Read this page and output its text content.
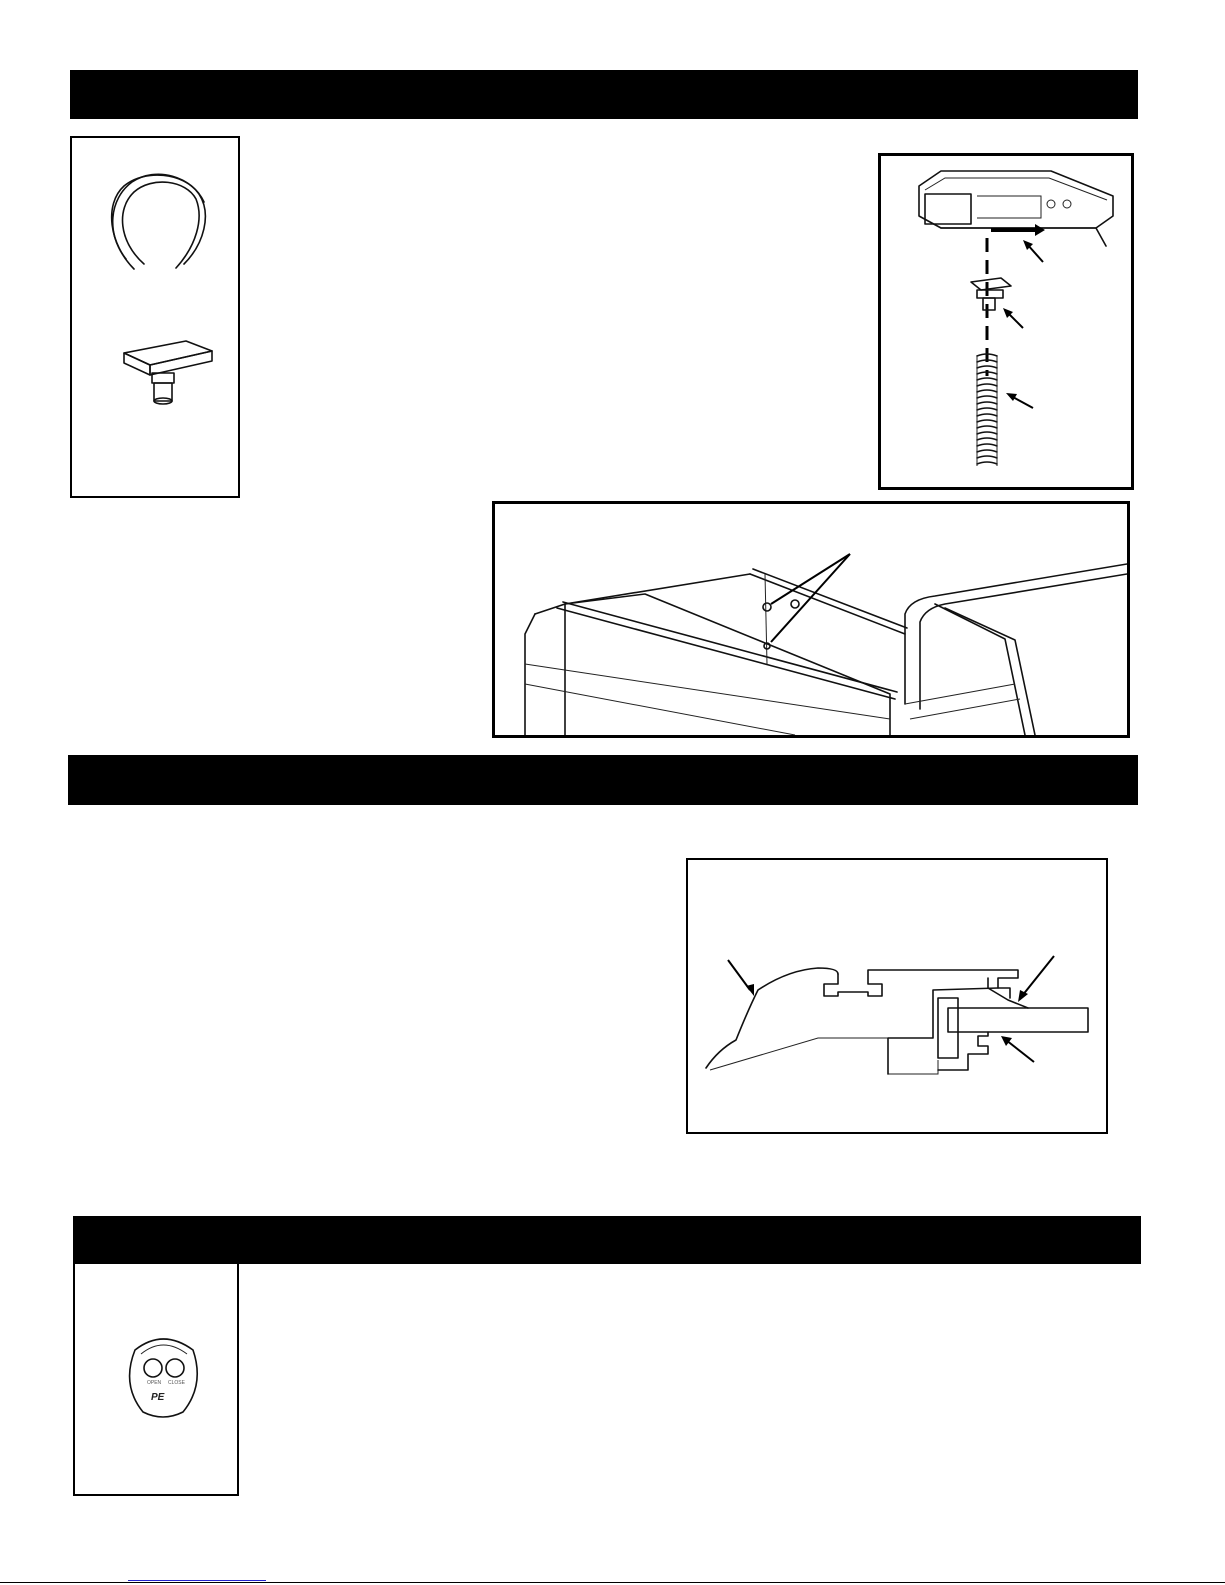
OPEN CLOSE
PE
